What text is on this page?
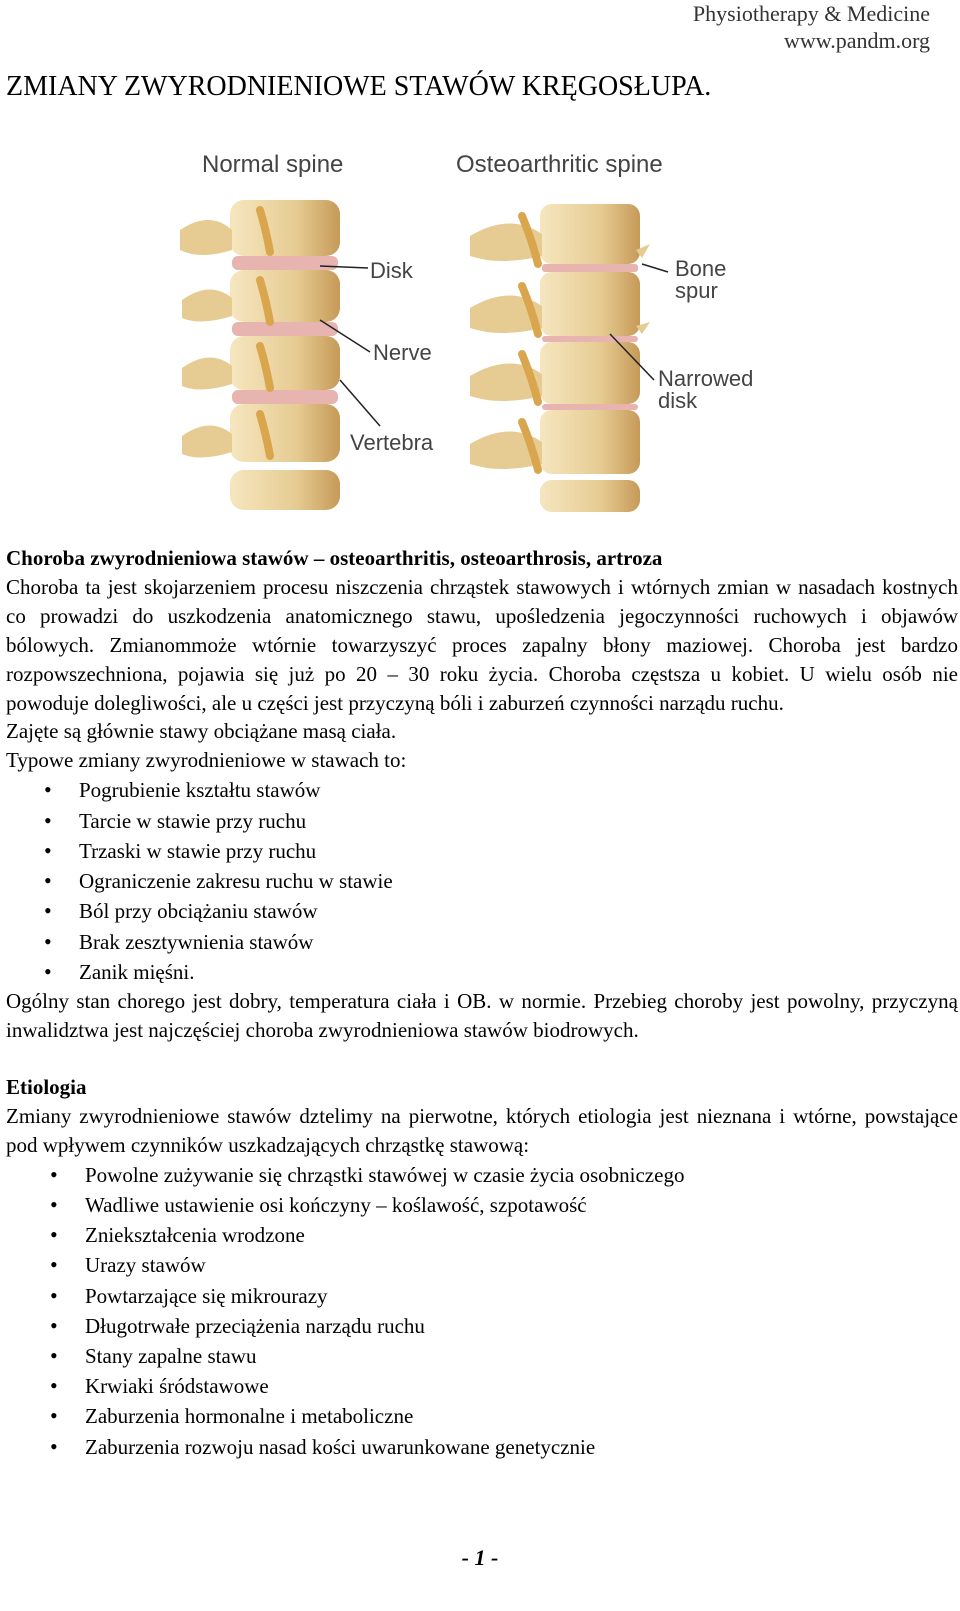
Physiotherapy & Medicine
www.pandm.org
ZMIANY ZWYRODNIENIOWE STAWÓW KRĘGOSŁUPA.
Normal spine	Osteoarthritic spine
Disk
Nerve
Vertebra
Bone
spur
Narrowed
disk

Choroba zwyrodnieniowa stawów – osteoarthritis, osteoarthrosis, artroza

Choroba ta jest skojarzeniem procesu niszczenia chrząstek stawowych i wtórnych zmian w nasadach kostnych co prowadzi do uszkodzenia anatomicznego stawu, upośledzenia jegoczynności ruchowych i objawów bólowych. Zmianommoże wtórnie towarzyszyć proces zapalny błony maziowej. Choroba jest bardzo rozpowszechniona, pojawia się już po 20 – 30 roku życia. Choroba częstsza u kobiet. U wielu osób nie powoduje dolegliwości, ale u części jest przyczyną bóli i zaburzeń czynności narządu ruchu.

Zajęte są głównie stawy obciążane masą ciała.

Typowe zmiany zwyrodnieniowe w stawach to:

• Pogrubienie kształtu stawów
• Tarcie w stawie przy ruchu
• Trzaski w stawie przy ruchu
• Ograniczenie zakresu ruchu w stawie
• Ból przy obciążaniu stawów
• Brak zesztywnienia stawów
• Zanik mięśni.

Ogólny stan chorego jest dobry, temperatura ciała i OB. w normie. Przebieg choroby jest powolny, przyczyną inwalidztwa jest najczęściej choroba zwyrodnieniowa stawów biodrowych.

Etiologia

Zmiany zwyrodnieniowe stawów dztelimy na pierwotne, których etiologia jest nieznana i wtórne, powstające pod wpływem czynników uszkadzających chrząstkę stawową:

• Powolne zużywanie się chrząstki stawówej w czasie życia osobniczego
• Wadliwe ustawienie osi kończyny – koślawość, szpotawość
• Zniekształcenia wrodzone
• Urazy stawów
• Powtarzające się mikrourazy
• Długotrwałe przeciążenia narządu ruchu
• Stany zapalne stawu
• Krwiaki śródstawowe
• Zaburzenia hormonalne i metaboliczne
• Zaburzenia rozwoju nasad kości uwarunkowane genetycznie
- 1 -
